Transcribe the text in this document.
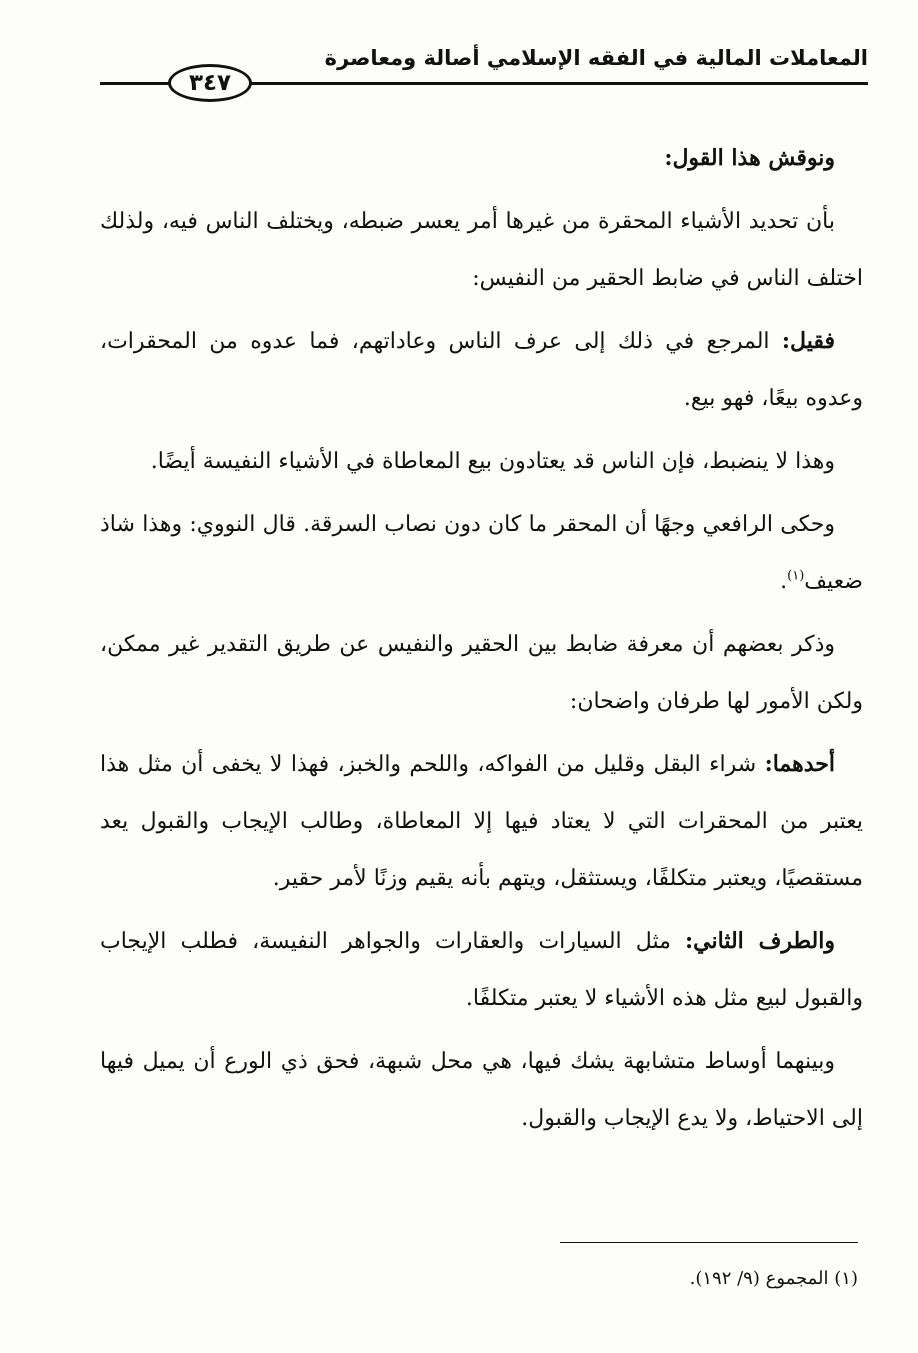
المعاملات المالية في الفقه الإسلامي أصالة ومعاصرة
٣٤٧

ونوقش هذا القول:

بأن تحديد الأشياء المحقرة من غيرها أمر يعسر ضبطه، ويختلف الناس فيه، ولذلك اختلف الناس في ضابط الحقير من النفيس:

فقيل: المرجع في ذلك إلى عرف الناس وعاداتهم، فما عدوه من المحقرات، وعدوه بيعًا، فهو بيع.

وهذا لا ينضبط، فإن الناس قد يعتادون بيع المعاطاة في الأشياء النفيسة أيضًا.

وحكى الرافعي وجهًا أن المحقر ما كان دون نصاب السرقة. قال النووي: وهذا شاذ ضعيف$^{(١)}$.

وذكر بعضهم أن معرفة ضابط بين الحقير والنفيس عن طريق التقدير غير ممكن، ولكن الأمور لها طرفان واضحان:

أحدهما: شراء البقل وقليل من الفواكه، واللحم والخبز، فهذا لا يخفى أن مثل هذا يعتبر من المحقرات التي لا يعتاد فيها إلا المعاطاة، وطالب الإيجاب والقبول يعد مستقصيًا، ويعتبر متكلفًا، ويستثقل، ويتهم بأنه يقيم وزنًا لأمر حقير.

والطرف الثاني: مثل السيارات والعقارات والجواهر النفيسة، فطلب الإيجاب والقبول لبيع مثل هذه الأشياء لا يعتبر متكلفًا.

وبينهما أوساط متشابهة يشك فيها، هي محل شبهة، فحق ذي الورع أن يميل فيها إلى الاحتياط، ولا يدع الإيجاب والقبول.

(١) المجموع (٩/ ١٩٢).
